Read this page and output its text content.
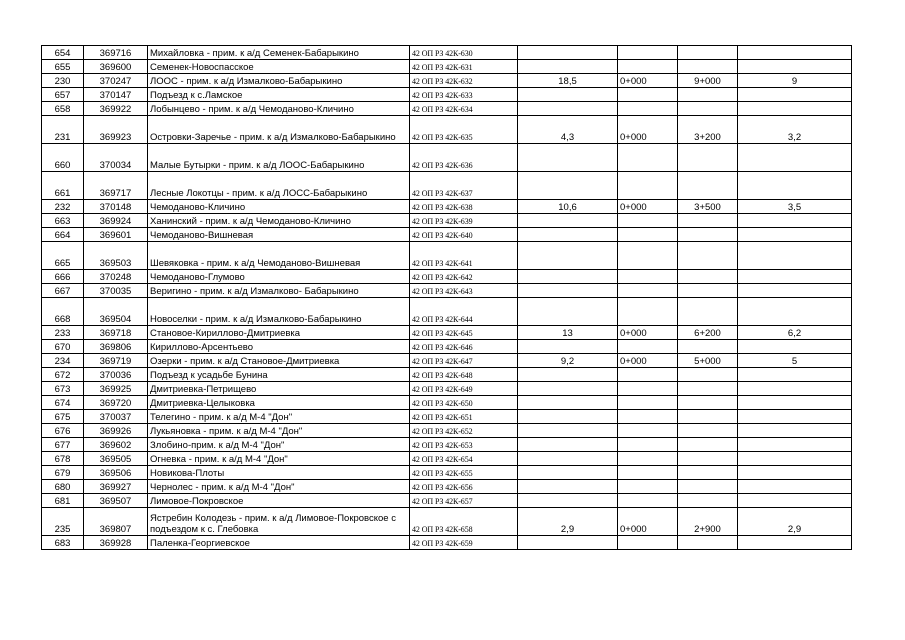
654	369716	Михайловка - прим. к а/д Семенек-Бабарыкино	42 ОП РЗ 42К-630				
655	369600	Семенек-Новоспасское	42 ОП РЗ 42К-631				
230	370247	ЛООС - прим. к а/д Измалково-Бабарыкино	42 ОП РЗ 42К-632	18,5	0+000	9+000	9
657	370147	Подъезд к с.Ламское	42 ОП РЗ 42К-633				
658	369922	Лобынцево - прим. к а/д Чемоданово-Кличино	42 ОП РЗ 42К-634				
231	369923	Островки-Заречье - прим. к а/д Измалково-Бабарыкино	42 ОП РЗ 42К-635	4,3	0+000	3+200	3,2
660	370034	Малые Бутырки - прим. к а/д ЛООС-Бабарыкино	42 ОП РЗ 42К-636				
661	369717	Лесные Локотцы - прим. к а/д ЛОСС-Бабарыкино	42 ОП РЗ 42К-637				
232	370148	Чемоданово-Кличино	42 ОП РЗ 42К-638	10,6	0+000	3+500	3,5
663	369924	Ханинский - прим. к а/д Чемоданово-Кличино	42 ОП РЗ 42К-639				
664	369601	Чемоданово-Вишневая	42 ОП РЗ 42К-640				
665	369503	Шевяковка - прим. к а/д Чемоданово-Вишневая	42 ОП РЗ 42К-641				
666	370248	Чемоданово-Глумово	42 ОП РЗ 42К-642				
667	370035	Веригино - прим. к а/д Измалково- Бабарыкино	42 ОП РЗ 42К-643				
668	369504	Новоселки - прим. к а/д Измалково-Бабарыкино	42 ОП РЗ 42К-644				
233	369718	Становое-Кириллово-Дмитриевка	42 ОП РЗ 42К-645	13	0+000	6+200	6,2
670	369806	Кириллово-Арсентьево	42 ОП РЗ 42К-646				
234	369719	Озерки - прим. к а/д Становое-Дмитриевка	42 ОП РЗ 42К-647	9,2	0+000	5+000	5
672	370036	Подъезд к усадьбе Бунина	42 ОП РЗ 42К-648				
673	369925	Дмитриевка-Петрищево	42 ОП РЗ 42К-649				
674	369720	Дмитриевка-Целыковка	42 ОП РЗ 42К-650				
675	370037	Телегино - прим. к а/д М-4 "Дон"	42 ОП РЗ 42К-651				
676	369926	Лукьяновка - прим. к а/д М-4 "Дон"	42 ОП РЗ 42К-652				
677	369602	Злобино-прим. к а/д М-4 "Дон"	42 ОП РЗ 42К-653				
678	369505	Огневка - прим. к а/д М-4 "Дон"	42 ОП РЗ 42К-654				
679	369506	Новикова-Плоты	42 ОП РЗ 42К-655				
680	369927	Чернолес - прим. к а/д М-4 "Дон"	42 ОП РЗ 42К-656				
681	369507	Лимовое-Покровское	42 ОП РЗ 42К-657				
235	369807	Ястребин Колодезь - прим. к а/д Лимовое-Покровское с подъездом к с. Глебовка	42 ОП РЗ 42К-658	2,9	0+000	2+900	2,9
683	369928	Паленка-Георгиевское	42 ОП РЗ 42К-659				
